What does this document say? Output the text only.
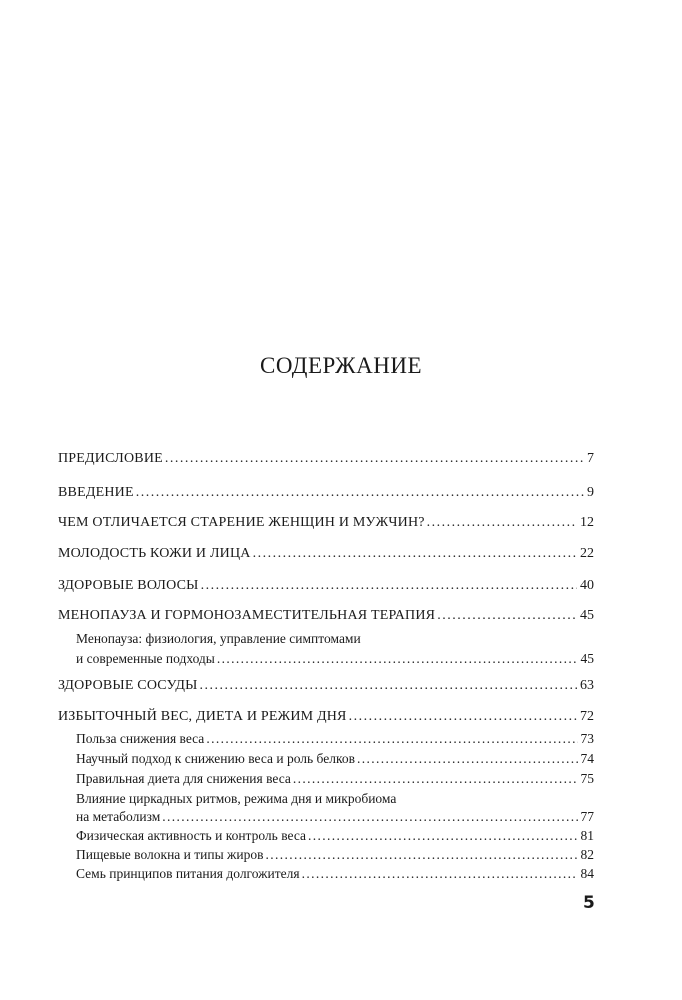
СОДЕРЖАНИЕ
ПРЕДИСЛОВИЕ . . .	7
ВВЕДЕНИЕ . . .	9
ЧЕМ ОТЛИЧАЕТСЯ СТАРЕНИЕ ЖЕНЩИН И МУЖЧИН? . . .	12
МОЛОДОСТЬ КОЖИ И ЛИЦА . . .	22
ЗДОРОВЫЕ ВОЛОСЫ . . .	40
МЕНОПАУЗА И ГОРМОНОЗАМЕСТИТЕЛЬНАЯ ТЕРАПИЯ . . .	45
Менопауза: физиология, управление симптомами
и современные подходы . . .	45
ЗДОРОВЫЕ СОСУДЫ . . .	63
ИЗБЫТОЧНЫЙ ВЕС, ДИЕТА И РЕЖИМ ДНЯ . . .	72
Польза снижения веса . . .	73
Научный подход к снижению веса и роль белков . . .	74
Правильная диета для снижения веса . . .	75
Влияние циркадных ритмов, режима дня и микробиома
на метаболизм . . .	77
Физическая активность и контроль веса . . .	81
Пищевые волокна и типы жиров . . .	82
Семь принципов питания долгожителя . . .	84
5
